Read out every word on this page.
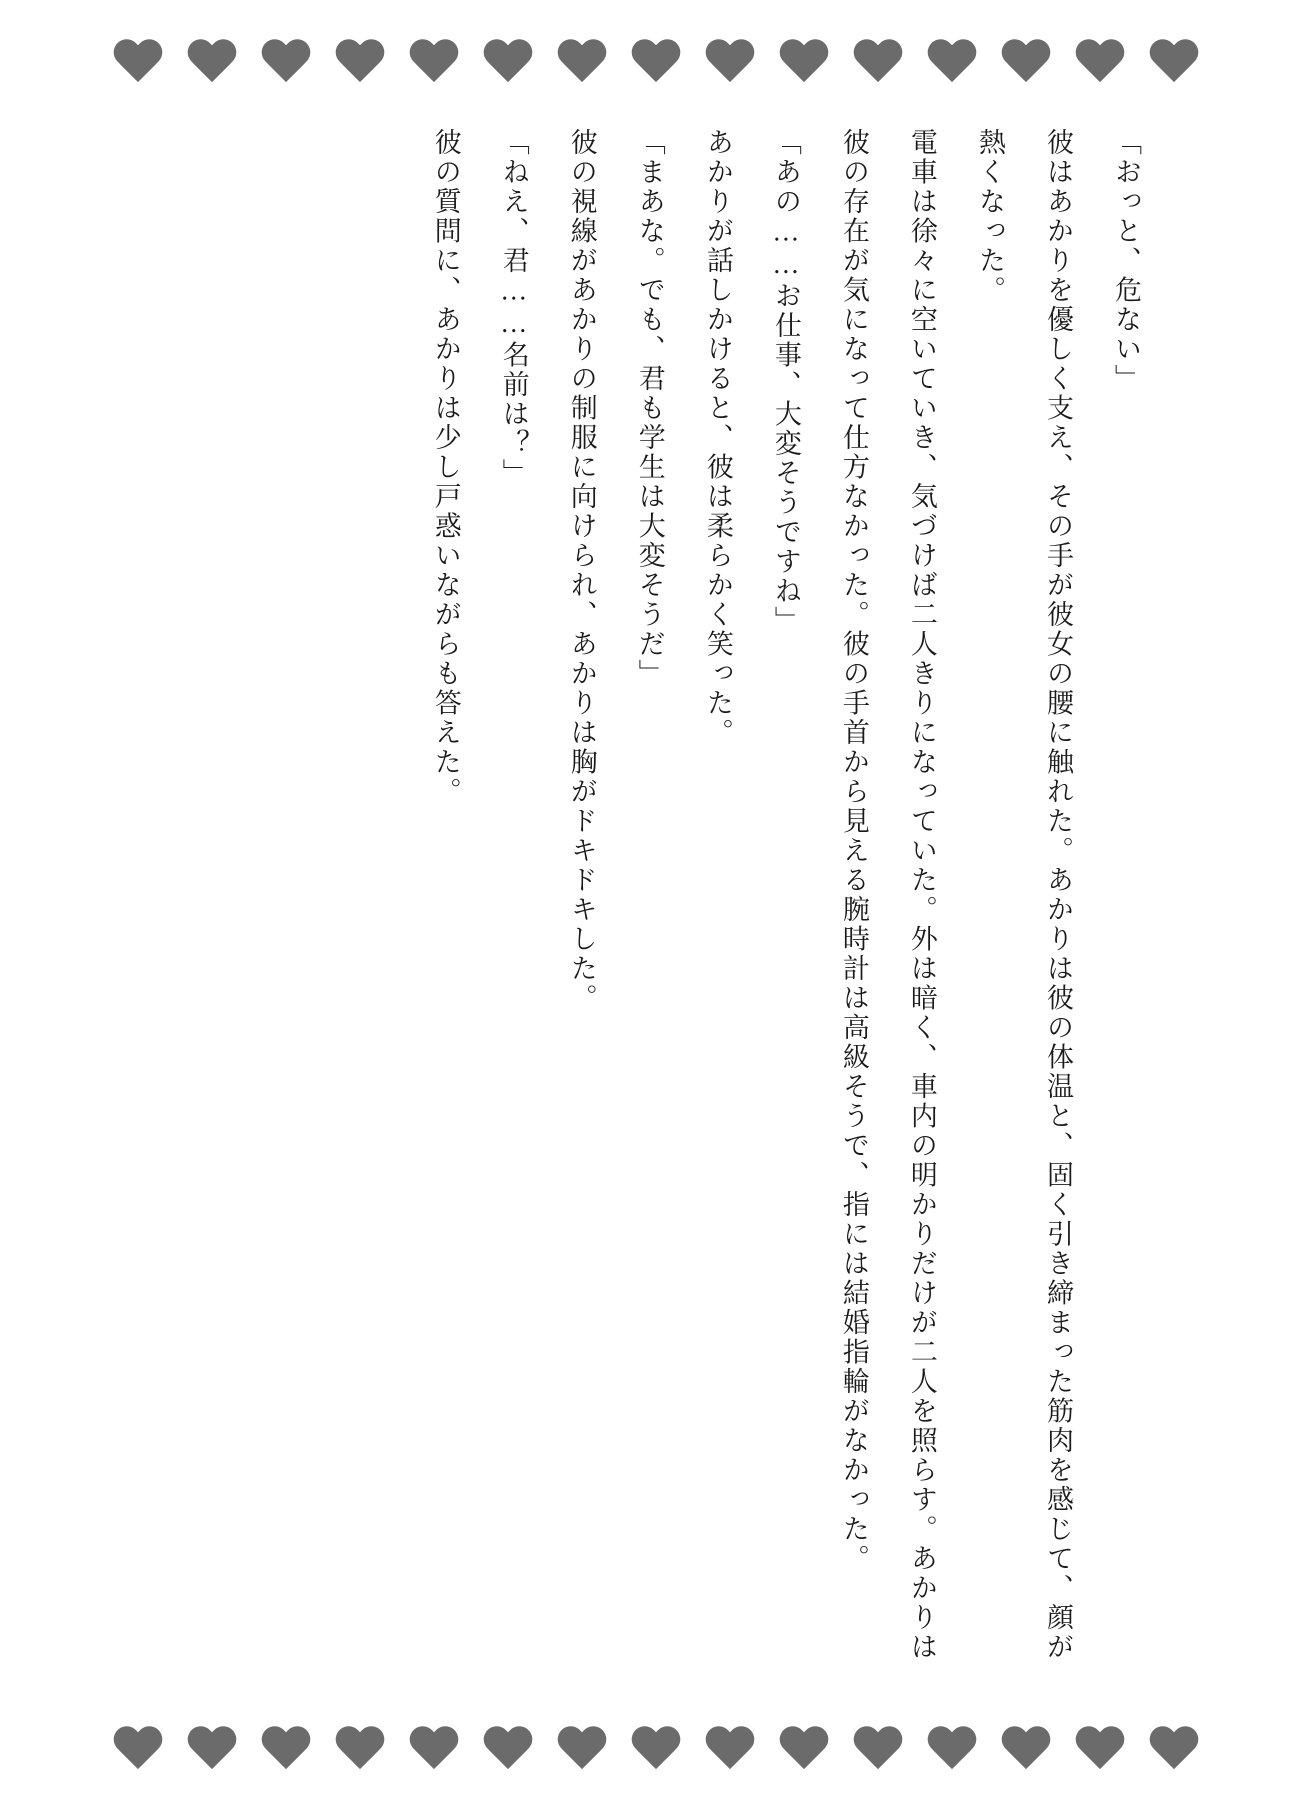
「おっと、危ない」

彼はあかりを優しく支え、その手が彼女の腰に触れた。あかりは彼の体温と、固く引き締まった筋肉を感じて、顔が熱くなった。

電車は徐々に空いていき、気づけば二人きりになっていた。外は暗く、車内の明かりだけが二人を照らす。あかりは彼の存在が気になって仕方なかった。彼の手首から見える腕時計は高級そうで、指には結婚指輪がなかった。

「あの……お仕事、大変そうですね」

あかりが話しかけると、彼は柔らかく笑った。

「まあな。でも、君も学生は大変そうだ」

彼の視線があかりの制服に向けられ、あかりは胸がドキドキした。

「ねえ、君……名前は？」

彼の質問に、あかりは少し戸惑いながらも答えた。
